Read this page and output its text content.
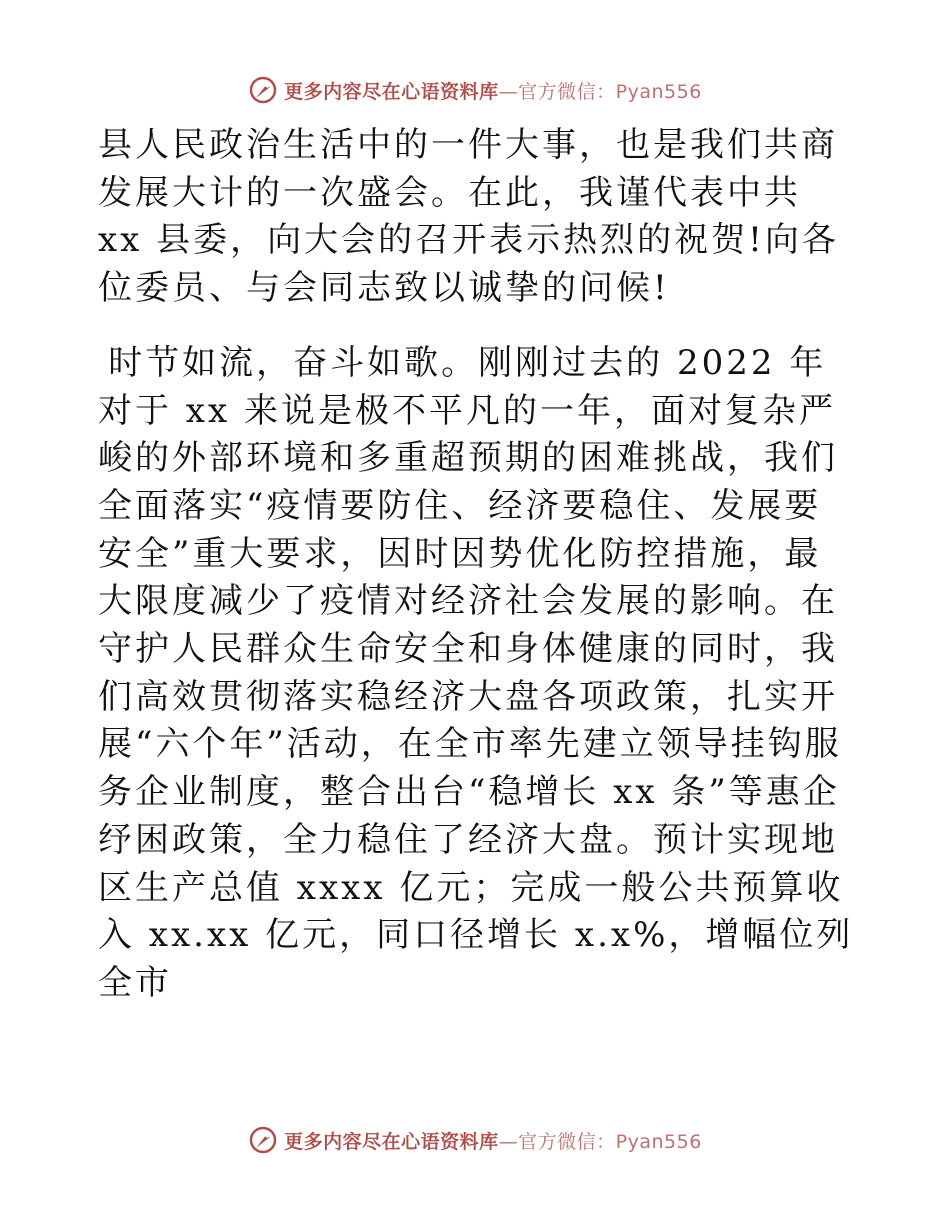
更多内容尽在心语资料库—官方微信：Pyan556

县人民政治生活中的一件大事，也是我们共商发展大计的一次盛会。在此，我谨代表中共 xx 县委，向大会的召开表示热烈的祝贺!向各位委员、与会同志致以诚挚的问候!

时节如流，奋斗如歌。刚刚过去的 2022 年对于 xx 来说是极不平凡的一年，面对复杂严峻的外部环境和多重超预期的困难挑战，我们全面落实“疫情要防住、经济要稳住、发展要安全”重大要求，因时因势优化防控措施，最大限度减少了疫情对经济社会发展的影响。在守护人民群众生命安全和身体健康的同时，我们高效贯彻落实稳经济大盘各项政策，扎实开展“六个年”活动，在全市率先建立领导挂钩服务企业制度，整合出台“稳增长 xx 条”等惠企纾困政策，全力稳住了经济大盘。预计实现地区生产总值 xxxx 亿元；完成一般公共预算收入 xx.xx 亿元，同口径增长 x.x%，增幅位列全市

更多内容尽在心语资料库—官方微信：Pyan556
